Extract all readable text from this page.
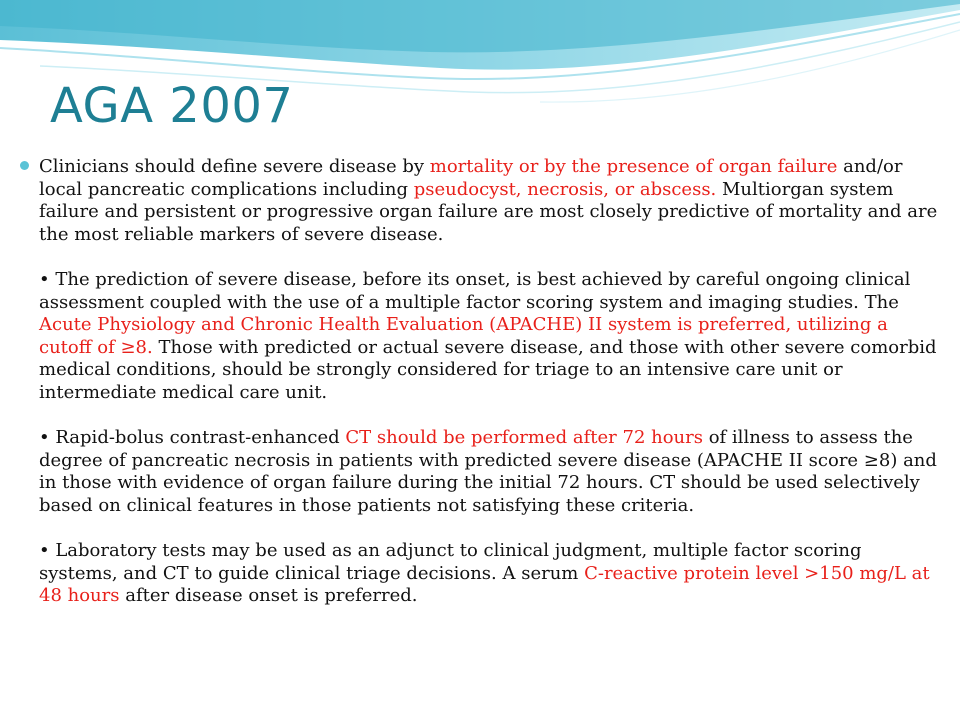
AGA 2007

Clinicians should define severe disease by mortality or by the presence of organ failure and/or local pancreatic complications including pseudocyst, necrosis, or abscess. Multiorgan system failure and persistent or progressive organ failure are most closely predictive of mortality and are the most reliable markers of severe disease.

• The prediction of severe disease, before its onset, is best achieved by careful ongoing clinical assessment coupled with the use of a multiple factor scoring system and imaging studies. The Acute Physiology and Chronic Health Evaluation (APACHE) II system is preferred, utilizing a cutoff of ≥8. Those with predicted or actual severe disease, and those with other severe comorbid medical conditions, should be strongly considered for triage to an intensive care unit or intermediate medical care unit.

• Rapid-bolus contrast-enhanced CT should be performed after 72 hours of illness to assess the degree of pancreatic necrosis in patients with predicted severe disease (APACHE II score ≥8) and in those with evidence of organ failure during the initial 72 hours. CT should be used selectively based on clinical features in those patients not satisfying these criteria.

• Laboratory tests may be used as an adjunct to clinical judgment, multiple factor scoring systems, and CT to guide clinical triage decisions. A serum C-reactive protein level >150 mg/L at 48 hours after disease onset is preferred.
